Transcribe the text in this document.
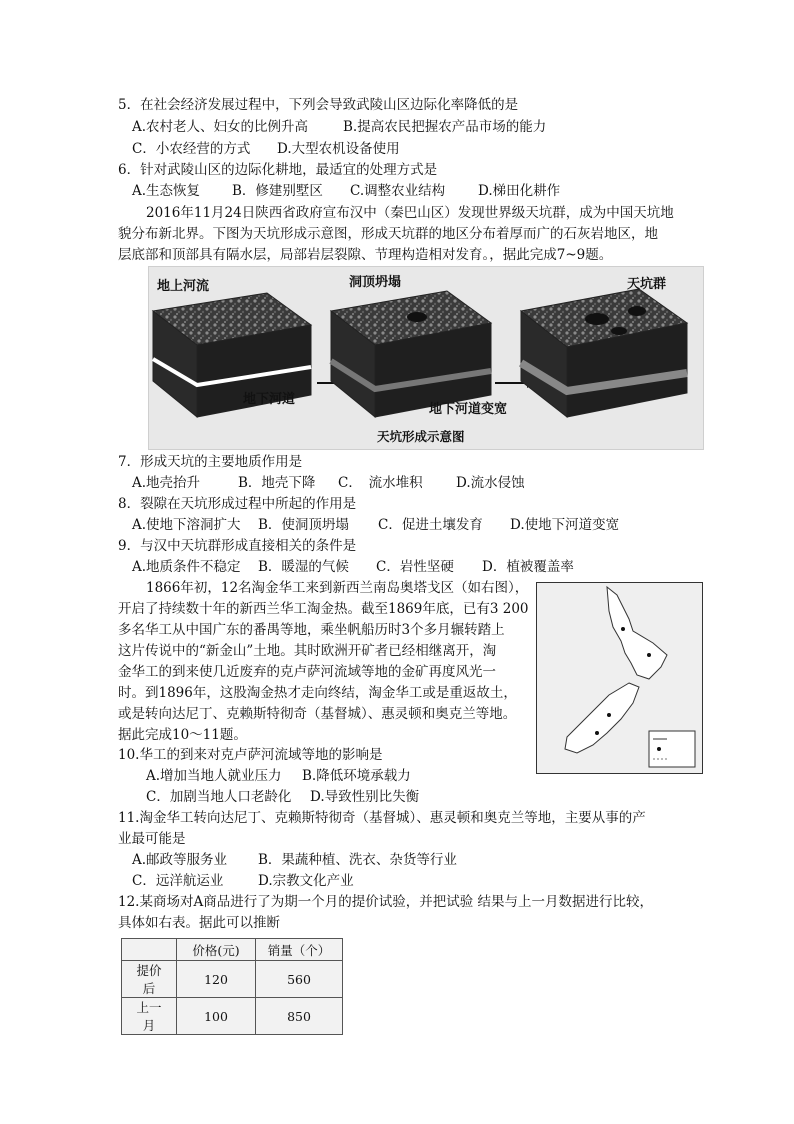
5．在社会经济发展过程中，下列会导致武陵山区边际化率降低的是
A.农村老人、妇女的比例升高	B.提高农民把握农产品市场的能力
C．小农经营的方式 D.大型农机设备使用
6．针对武陵山区的边际化耕地，最适宜的处理方式是
A.生态恢复 B．修建别墅区 C.调整农业结构 D.梯田化耕作
2016年11月24日陕西省政府宣布汉中（秦巴山区）发现世界级天坑群，成为中国天坑地
貌分布新北界。下图为天坑形成示意图，形成天坑群的地区分布着厚而广的石灰岩地区，地
层底部和顶部具有隔水层，局部岩层裂隙、节理构造相对发育。，据此完成7~9题。
地上河流	洞顶坍塌	天坑群
地下河道
地下河道变宽
天坑形成示意图
7．形成天坑的主要地质作用是
A.地壳抬升	B．地壳下降 C．　流水堆积 D.流水侵蚀
8．裂隙在天坑形成过程中所起的作用是
A.使地下溶洞扩大 B．使洞顶坍塌 C．促进土壤发育 D.使地下河道变宽
9．与汉中天坑群形成直接相关的条件是
A.地质条件不稳定 B．暖湿的气候 C．岩性坚硬 D．植被覆盖率
1866年初，12名淘金华工来到新西兰南岛奥塔戈区（如右图），
开启了持续数十年的新西兰华工淘金热。截至1869年底，已有3 200
多名华工从中国广东的番禺等地，乘坐帆船历时3个多月辗转踏上
这片传说中的“新金山”土地。其时欧洲开矿者已经相继离开，淘
金华工的到来使几近废弃的克卢萨河流域等地的金矿再度风光一
时。到1896年，这股淘金热才走向终结，淘金华工或是重返故土，
或是转向达尼丁、克赖斯特彻奇（基督城）、惠灵顿和奥克兰等地。
据此完成10～11题。
10.华工的到来对克卢萨河流域等地的影响是
A.增加当地人就业压力 B.降低环境承载力
C．加剧当地人口老龄化 D.导致性别比失衡
11.淘金华工转向达尼丁、克赖斯特彻奇（基督城）、惠灵顿和奥克兰等地，主要从事的产
业最可能是
A.邮政等服务业 B．果蔬种植、洗衣、杂货等行业
C．远洋航运业	D.宗教文化产业
12.某商场对A商品进行了为期一个月的提价试验，并把试验 结果与上一月数据进行比较，
具体如右表。据此可以推断
	价格(元)	销量（个）
提价后	120	560
上一月	100	850
